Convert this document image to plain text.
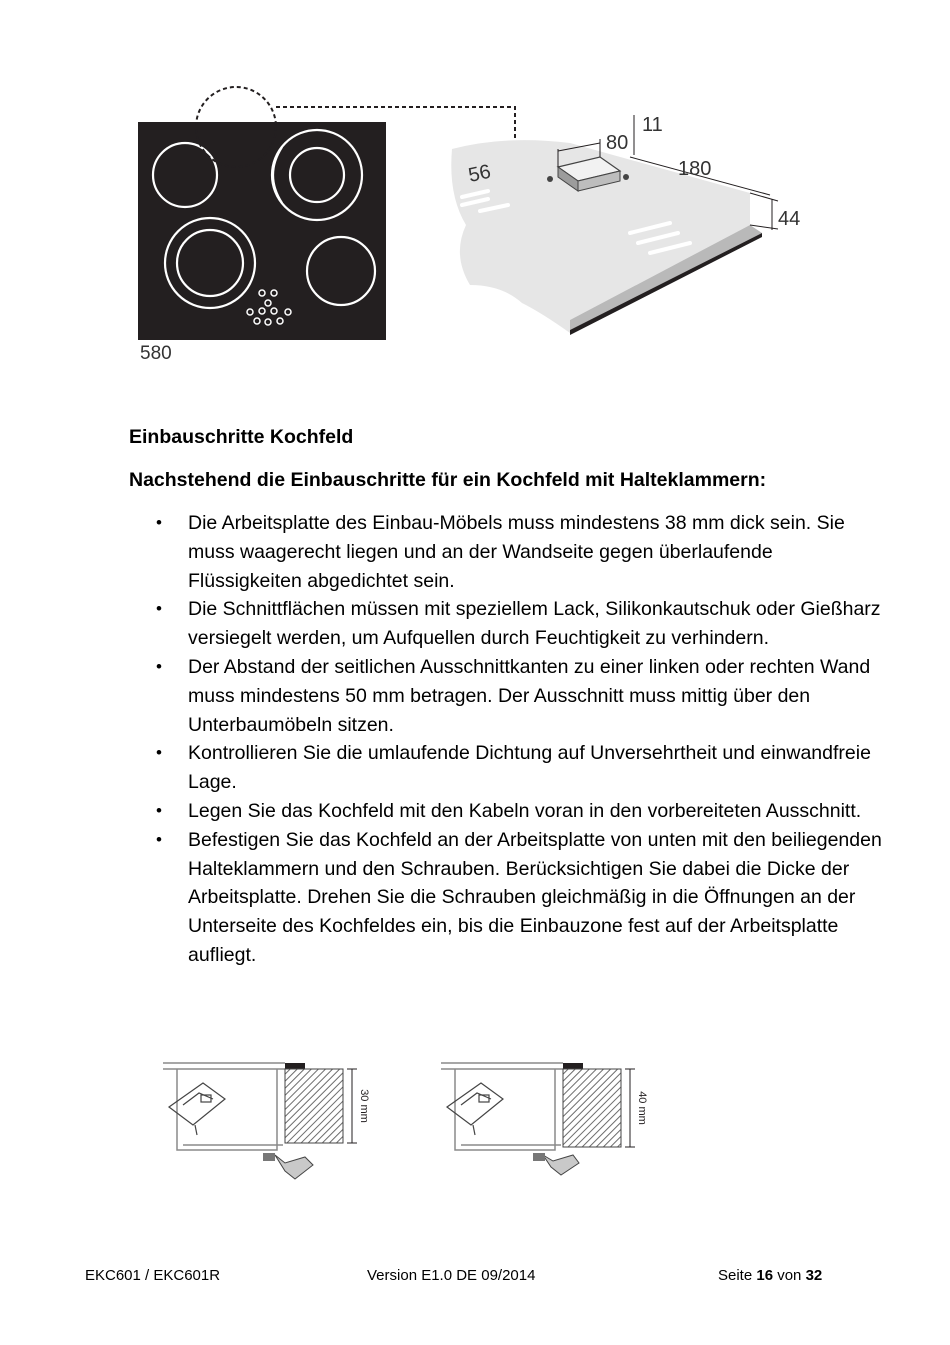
580
56
80
11
180
44
Einbauschritte Kochfeld
Nachstehend die Einbauschritte für ein Kochfeld mit Halteklammern:
• Die Arbeitsplatte des Einbau-Möbels muss mindestens 38 mm dick sein. Sie muss waagerecht liegen und an der Wandseite gegen überlaufende Flüssigkeiten abgedichtet sein.
• Die Schnittflächen müssen mit speziellem Lack, Silikonkautschuk oder Gießharz versiegelt werden, um Aufquellen durch Feuchtigkeit zu verhindern.
• Der Abstand der seitlichen Ausschnittkanten zu einer linken oder rechten Wand muss mindestens 50 mm betragen. Der Ausschnitt muss mittig über den Unterbaumöbeln sitzen.
• Kontrollieren Sie die umlaufende Dichtung auf Unversehrtheit und einwandfreie Lage.
• Legen Sie das Kochfeld mit den Kabeln voran in den vorbereiteten Ausschnitt.
• Befestigen Sie das Kochfeld an der Arbeitsplatte von unten mit den beiliegenden Halteklammern und den Schrauben. Berücksichtigen Sie dabei die Dicke der Arbeitsplatte. Drehen Sie die Schrauben gleichmäßig in die Öffnungen an der Unterseite des Kochfeldes ein, bis die Einbauzone fest auf der Arbeitsplatte aufliegt.
30 mm	40 mm
EKC601 / EKC601R	Version E1.0 DE 09/2014	Seite 16 von 32
